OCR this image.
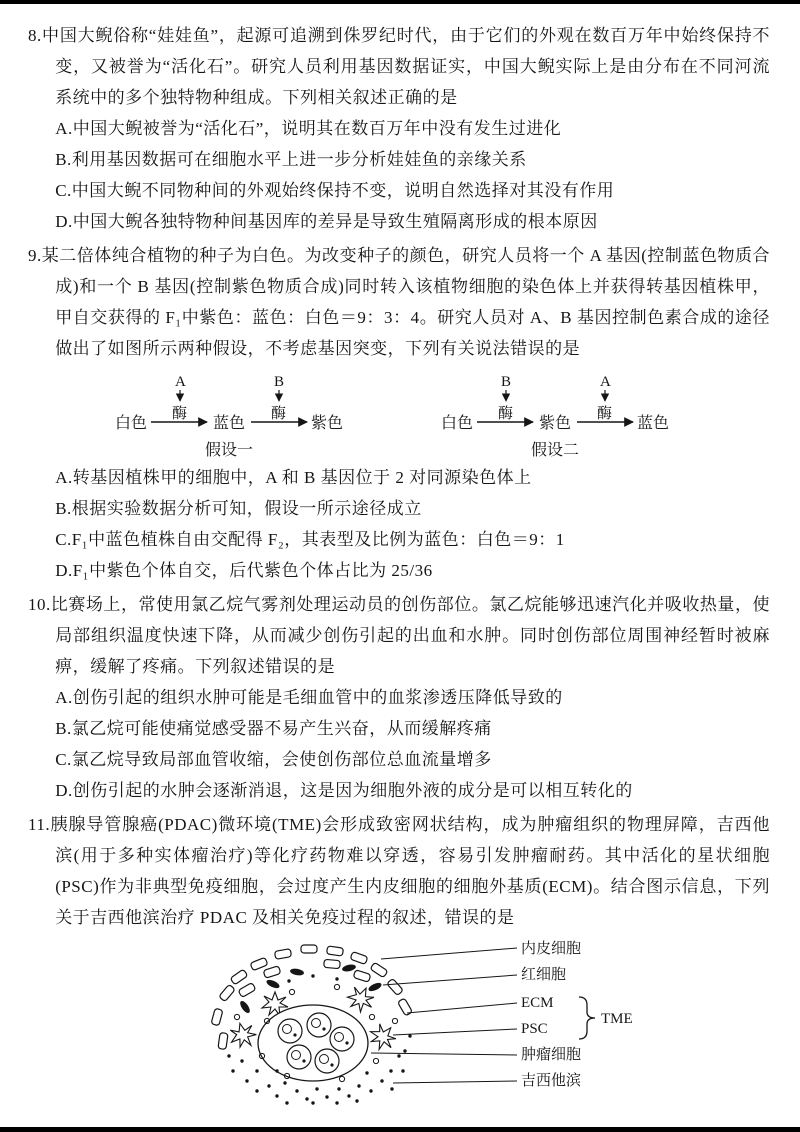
8.中国大鲵俗称“娃娃鱼”，起源可追溯到侏罗纪时代，由于它们的外观在数百万年中始终保持不变，又被誉为“活化石”。研究人员利用基因数据证实，中国大鲵实际上是由分布在不同河流系统中的多个独特物种组成。下列相关叙述正确的是
A.中国大鲵被誉为“活化石”，说明其在数百万年中没有发生过进化
B.利用基因数据可在细胞水平上进一步分析娃娃鱼的亲缘关系
C.中国大鲵不同物种间的外观始终保持不变，说明自然选择对其没有作用
D.中国大鲵各独特物种间基因库的差异是导致生殖隔离形成的根本原因
9.某二倍体纯合植物的种子为白色。为改变种子的颜色，研究人员将一个 A 基因(控制蓝色物质合成)和一个 B 基因(控制紫色物质合成)同时转入该植物细胞的染色体上并获得转基因植株甲，甲自交获得的 F₁中紫色：蓝色：白色＝9：3：4。研究人员对 A、B 基因控制色素合成的途径做出了如图所示两种假设，不考虑基因突变，下列有关说法错误的是
白色
酶
A
蓝色
酶
B
紫色
假设一
白色
酶
B
紫色
酶
A
蓝色
假设二
A.转基因植株甲的细胞中，A 和 B 基因位于 2 对同源染色体上
B.根据实验数据分析可知，假设一所示途径成立
C.F₁中蓝色植株自由交配得 F₂，其表型及比例为蓝色：白色＝9：1
D.F₁中紫色个体自交，后代紫色个体占比为 25/36
10.比赛场上，常使用氯乙烷气雾剂处理运动员的创伤部位。氯乙烷能够迅速汽化并吸收热量，使局部组织温度快速下降，从而减少创伤引起的出血和水肿。同时创伤部位周围神经暂时被麻痹，缓解了疼痛。下列叙述错误的是
A.创伤引起的组织水肿可能是毛细血管中的血浆渗透压降低导致的
B.氯乙烷可能使痛觉感受器不易产生兴奋，从而缓解疼痛
C.氯乙烷导致局部血管收缩，会使创伤部位总血流量增多
D.创伤引起的水肿会逐渐消退，这是因为细胞外液的成分是可以相互转化的
11.胰腺导管腺癌(PDAC)微环境(TME)会形成致密网状结构，成为肿瘤组织的物理屏障，吉西他滨(用于多种实体瘤治疗)等化疗药物难以穿透，容易引发肿瘤耐药。其中活化的星状细胞(PSC)作为非典型免疫细胞，会过度产生内皮细胞的细胞外基质(ECM)。结合图示信息，下列关于吉西他滨治疗 PDAC 及相关免疫过程的叙述，错误的是
内皮细胞
红细胞
ECM
PSC
TME
肿瘤细胞
吉西他滨
